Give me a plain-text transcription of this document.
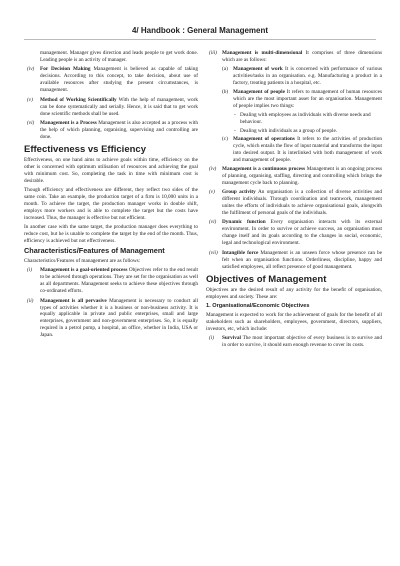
4/ Handbook : General Management

management. Manager gives direction and leads people to get work done. Leading people is an activity of manager.

(iv) For Decision Making Management is believed as capable of taking decisions. According to this concept, to take decision, about use of available resources after studying the present circumstances, is management.
(v) Method of Working Scientifically With the help of management, work can be done systematically and serially. Hence, it is said that to get work done scientific methods shall be used.
(vi) Management is a Process Management is also accepted as a process with the help of which planning, organising, supervising and controlling are done.
Effectiveness vs Efficiency

Effectiveness, on one hand aims to achieve goals within time, efficiency on the other is concerned with optimum utilisation of resources and achieving the goal with minimum cost. So, completing the task in time with minimum cost is desirable.

Though efficiency and effectiveness are different, they reflect two sides of the same coin. Take an example, the production target of a firm is 10,000 units in a month. To achieve the target, the production manager works in double shift, employs more workers and is able to complete the target but the costs have increased. Thus, the manager is effective but not efficient.

In another case with the same target, the production manager does everything to reduce cost, but he is unable to complete the target by the end of the month. Thus, efficiency is achieved but not effectiveness.

Characteristics/Features of Management

Characteristics/Features of management are as follows:

(i) Management is a goal-oriented process Objectives refer to the end result to be achieved through operations. They are set for the organisation as well as all departments. Management seeks to achieve these objectives through co-ordinated efforts.
(ii) Management is all pervasive Management is necessary to conduct all types of activities whether it is a business or non-business activity. It is equally applicable in private and public enterprises, small and large enterprises, government and non-government enterprises. So, it is equally required in a petrol pump, a hospital, an office, whether in India, USA or Japan.
(iii) Management is multi-dimensional It comprises of three dimensions which are as follows:
(a) Management of work It is concerned with performance of various activities/tasks in an organisation. e.g. Manufacturing a product in a factory, treating patients in a hospital, etc.
(b) Management of people It refers to management of human resources which are the most important asset for an organisation. Management of people implies two things:
- Dealing with employees as individuals with diverse needs and behaviour.
- Dealing with individuals as a group of people.
(c) Management of operations It refers to the activities of production cycle, which entails the flow of input material and transforms the input into desired output. It is interlinked with both management of work and management of people.
(iv) Management is a continuous process Management is an ongoing process of planning, organising, staffing, directing and controlling which brings the management cycle back to planning.
(v) Group activity An organisation is a collection of diverse activities and different individuals. Through coordination and teamwork, management unites the efforts of individuals to achieve organisational goals, alongwith the fulfilment of personal goals of the individuals.
(vi) Dynamic function Every organisation interacts with its external environment. In order to survive or achieve success, an organisation must change itself and its goals according to the changes in social, economic, legal and technological environment.
(vii) Intangible force Management is an unseen force whose presence can be felt when an organisation functions. Orderliness, discipline, happy and satisfied employees, all reflect presence of good management.
Objectives of Management

Objectives are the desired result of any activity for the benefit of organisation, employees and society. These are:

1. Organisational/Economic Objectives

Management is expected to work for the achievement of goals for the benefit of all stakeholders such as shareholders, employees, government, directors, suppliers, investors, etc, which include:

(i) Survival The most important objective of every business is to survive and in order to survive, it should earn enough revenue to cover its costs.
